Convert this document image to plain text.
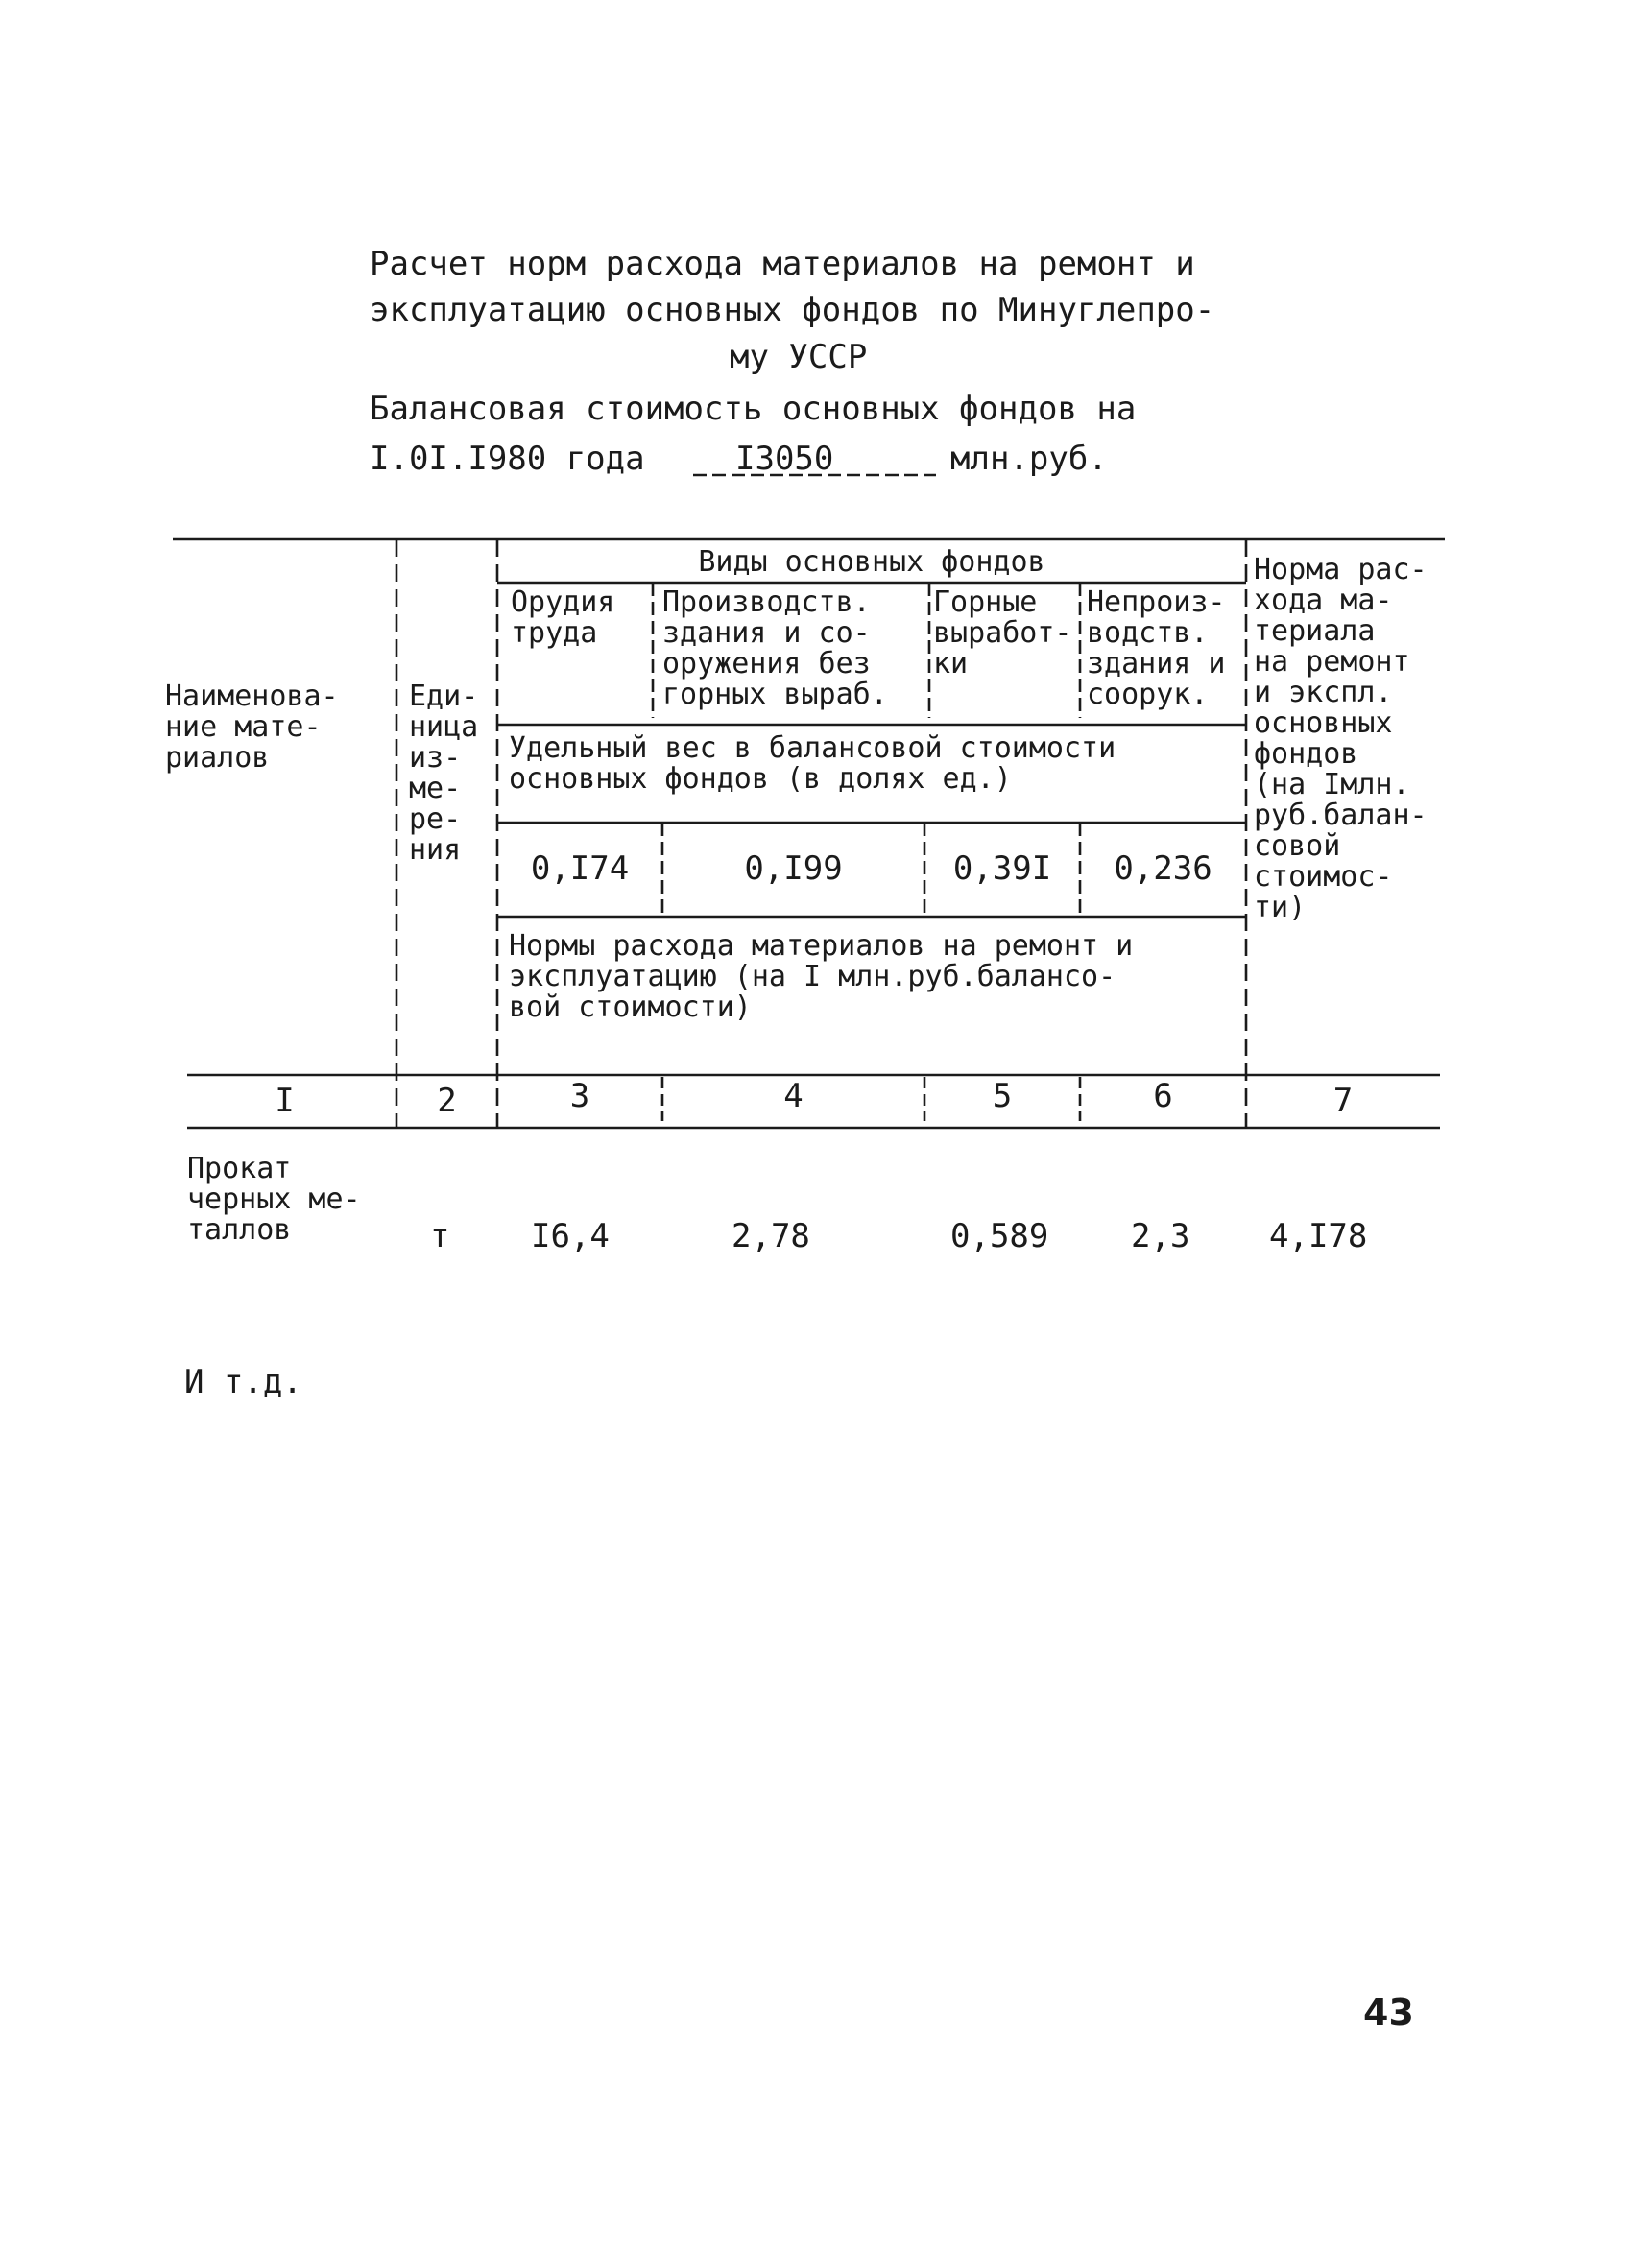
Расчет норм расхода материалов на ремонт и
эксплуатацию основных фондов по Минуглепро-
му УССР
Балансовая стоимость основных фондов на
I.0I.I980 года	I3050	млн.руб.
Наименова-
ние мате-
риалов
Еди-
ница
из-
ме-
ре-
ния
Виды основных фондов
Орудия
труда
Производств.
здания и со-
оружения без
горных выраб.
Горные
выработ-
ки
Непроиз-
водств.
здания и
соорук.
Удельный вес в балансовой стоимости
основных фондов (в долях ед.)
Нормы расхода материалов на ремонт и
эксплуатацию (на I млн.руб.балансо-
вой стоимости)
Норма рас-
хода ма-
териала
на ремонт
и экспл.
основных
фондов
(на Iмлн.
руб.балан-
совой
стоимос-
ти)
0,I74	0,I99	0,39I	0,236
I	2	3	4	5	6	7
Прокат
черных ме-
таллов	т I6,4	2,78	0,589	2,3 4,I78
И т.д.
43
